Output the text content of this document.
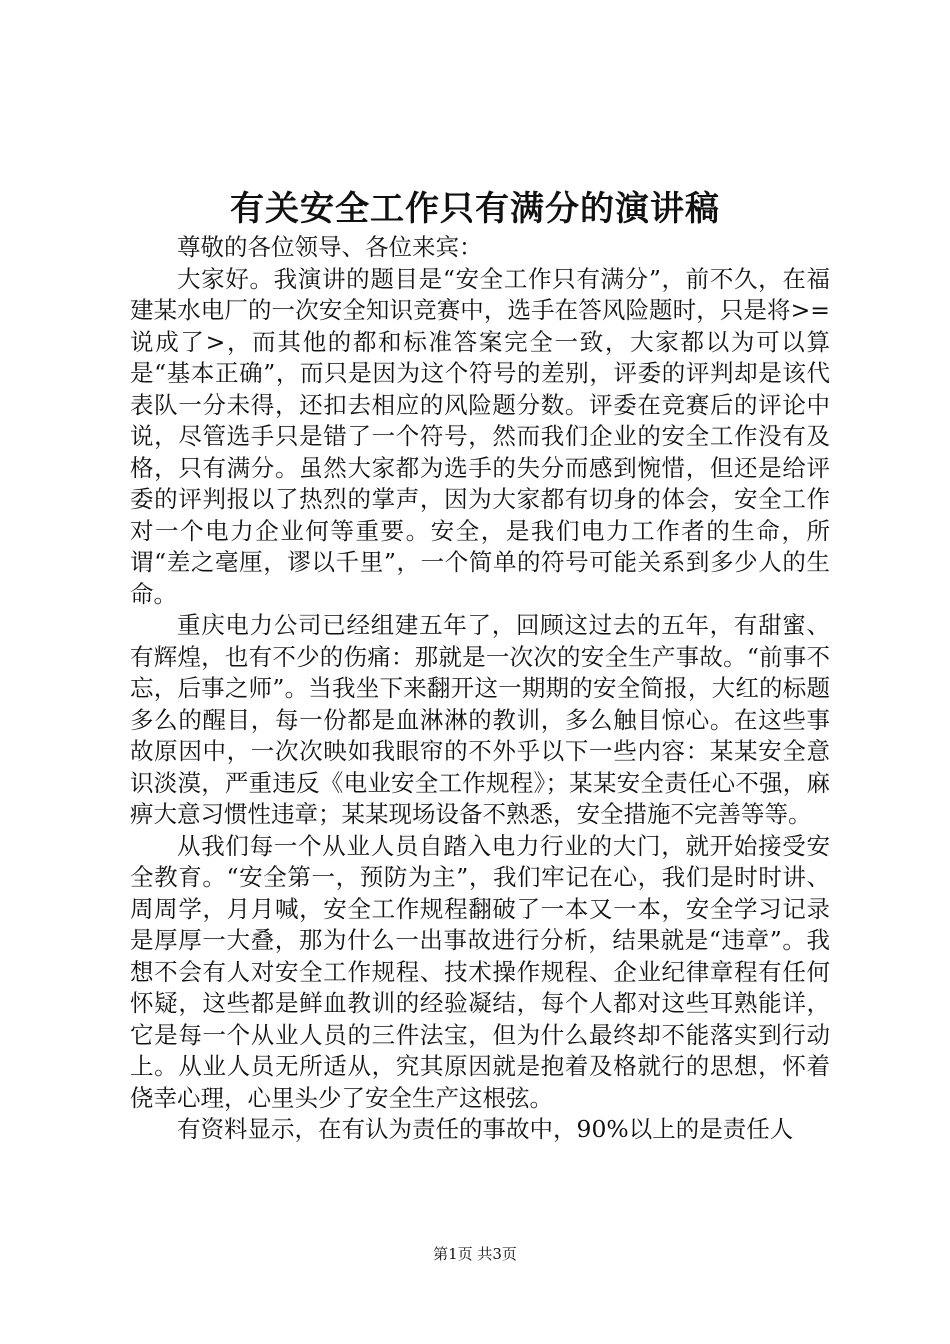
有关安全工作只有满分的演讲稿

尊敬的各位领导、各位来宾：

大家好。我演讲的题目是“安全工作只有满分”，前不久，在福建某水电厂的一次安全知识竞赛中，选手在答风险题时，只是将>=说成了>，而其他的都和标准答案完全一致，大家都以为可以算是“基本正确”，而只是因为这个符号的差别，评委的评判却是该代表队一分未得，还扣去相应的风险题分数。评委在竞赛后的评论中说，尽管选手只是错了一个符号，然而我们企业的安全工作没有及格，只有满分。虽然大家都为选手的失分而感到惋惜，但还是给评委的评判报以了热烈的掌声，因为大家都有切身的体会，安全工作对一个电力企业何等重要。安全，是我们电力工作者的生命，所谓“差之毫厘，谬以千里”，一个简单的符号可能关系到多少人的生命。

重庆电力公司已经组建五年了，回顾这过去的五年，有甜蜜、有辉煌，也有不少的伤痛：那就是一次次的安全生产事故。“前事不忘，后事之师”。当我坐下来翻开这一期期的安全简报，大红的标题多么的醒目，每一份都是血淋淋的教训，多么触目惊心。在这些事故原因中，一次次映如我眼帘的不外乎以下一些内容：某某安全意识淡漠，严重违反《电业安全工作规程》；某某安全责任心不强，麻痹大意习惯性违章；某某现场设备不熟悉，安全措施不完善等等。

从我们每一个从业人员自踏入电力行业的大门，就开始接受安全教育。“安全第一，预防为主”，我们牢记在心，我们是时时讲、周周学，月月喊，安全工作规程翻破了一本又一本，安全学习记录是厚厚一大叠，那为什么一出事故进行分析，结果就是“违章”。我想不会有人对安全工作规程、技术操作规程、企业纪律章程有任何怀疑，这些都是鲜血教训的经验凝结，每个人都对这些耳熟能详，它是每一个从业人员的三件法宝，但为什么最终却不能落实到行动上。从业人员无所适从，究其原因就是抱着及格就行的思想，怀着侥幸心理，心里头少了安全生产这根弦。

有资料显示，在有认为责任的事故中，90%以上的是责任人

第1页 共3页
